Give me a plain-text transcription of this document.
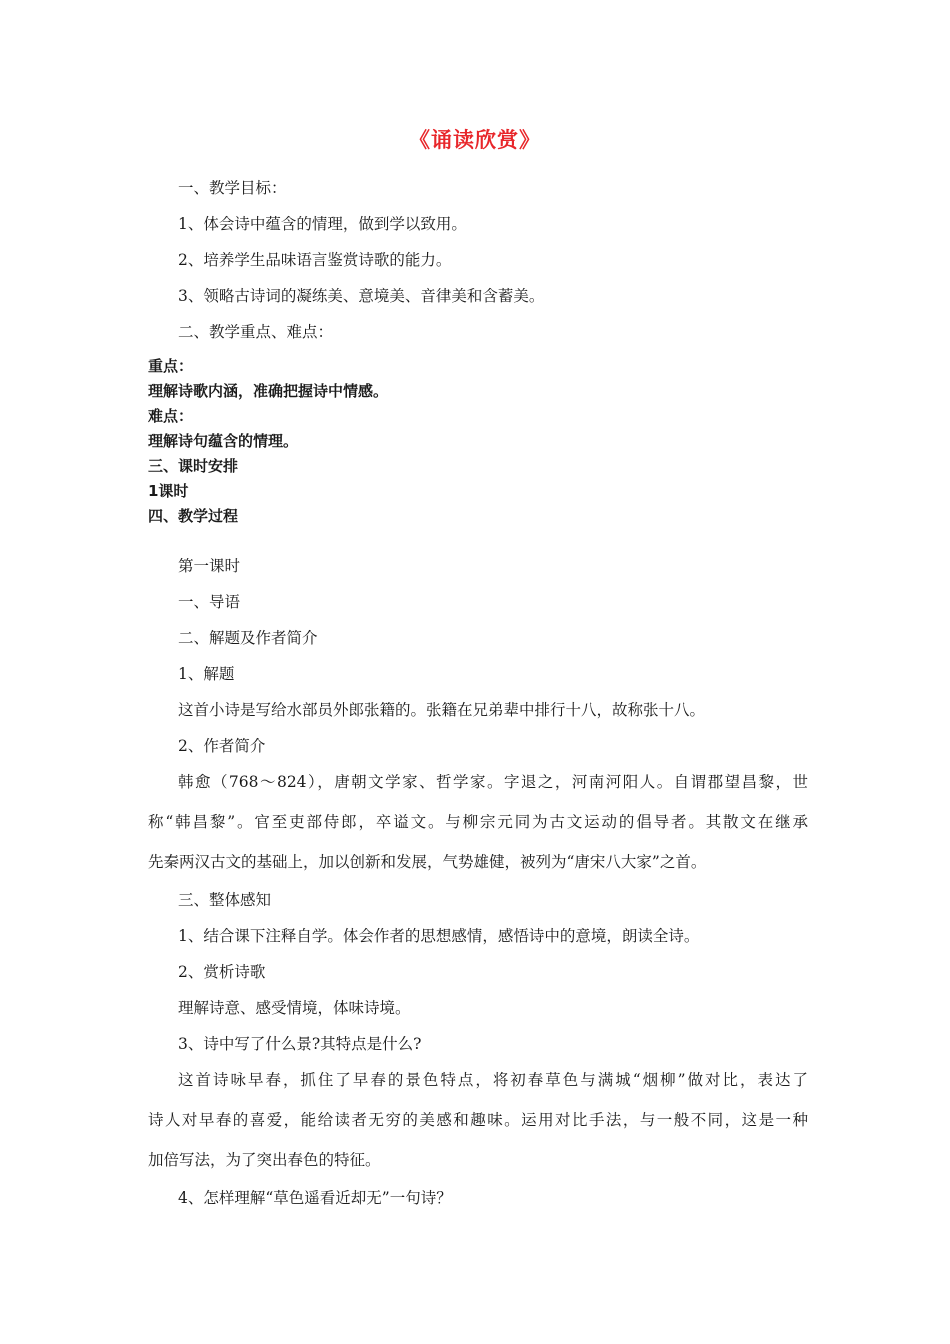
《诵读欣赏》
一、教学目标：
1、体会诗中蕴含的情理，做到学以致用。
2、培养学生品味语言鉴赏诗歌的能力。
3、领略古诗词的凝练美、意境美、音律美和含蓄美。
二、教学重点、难点：
重点：
理解诗歌内涵，准确把握诗中情感。
难点：
理解诗句蕴含的情理。
三、课时安排
1课时
四、教学过程
第一课时
一、导语
二、解题及作者简介
1、解题
这首小诗是写给水部员外郎张籍的。张籍在兄弟辈中排行十八，故称张十八。
2、作者简介
韩愈（768～824），唐朝文学家、哲学家。字退之，河南河阳人。自谓郡望昌黎，世
称“韩昌黎”。官至吏部侍郎，卒谥文。与柳宗元同为古文运动的倡导者。其散文在继承
先秦两汉古文的基础上，加以创新和发展，气势雄健，被列为“唐宋八大家”之首。
三、整体感知
1、结合课下注释自学。体会作者的思想感情，感悟诗中的意境，朗读全诗。
2、赏析诗歌
理解诗意、感受情境，体味诗境。
3、诗中写了什么景?其特点是什么?
这首诗咏早春，抓住了早春的景色特点，将初春草色与满城“烟柳”做对比，表达了
诗人对早春的喜爱，能给读者无穷的美感和趣味。运用对比手法，与一般不同，这是一种
加倍写法，为了突出春色的特征。
4、怎样理解“草色遥看近却无”一句诗？
